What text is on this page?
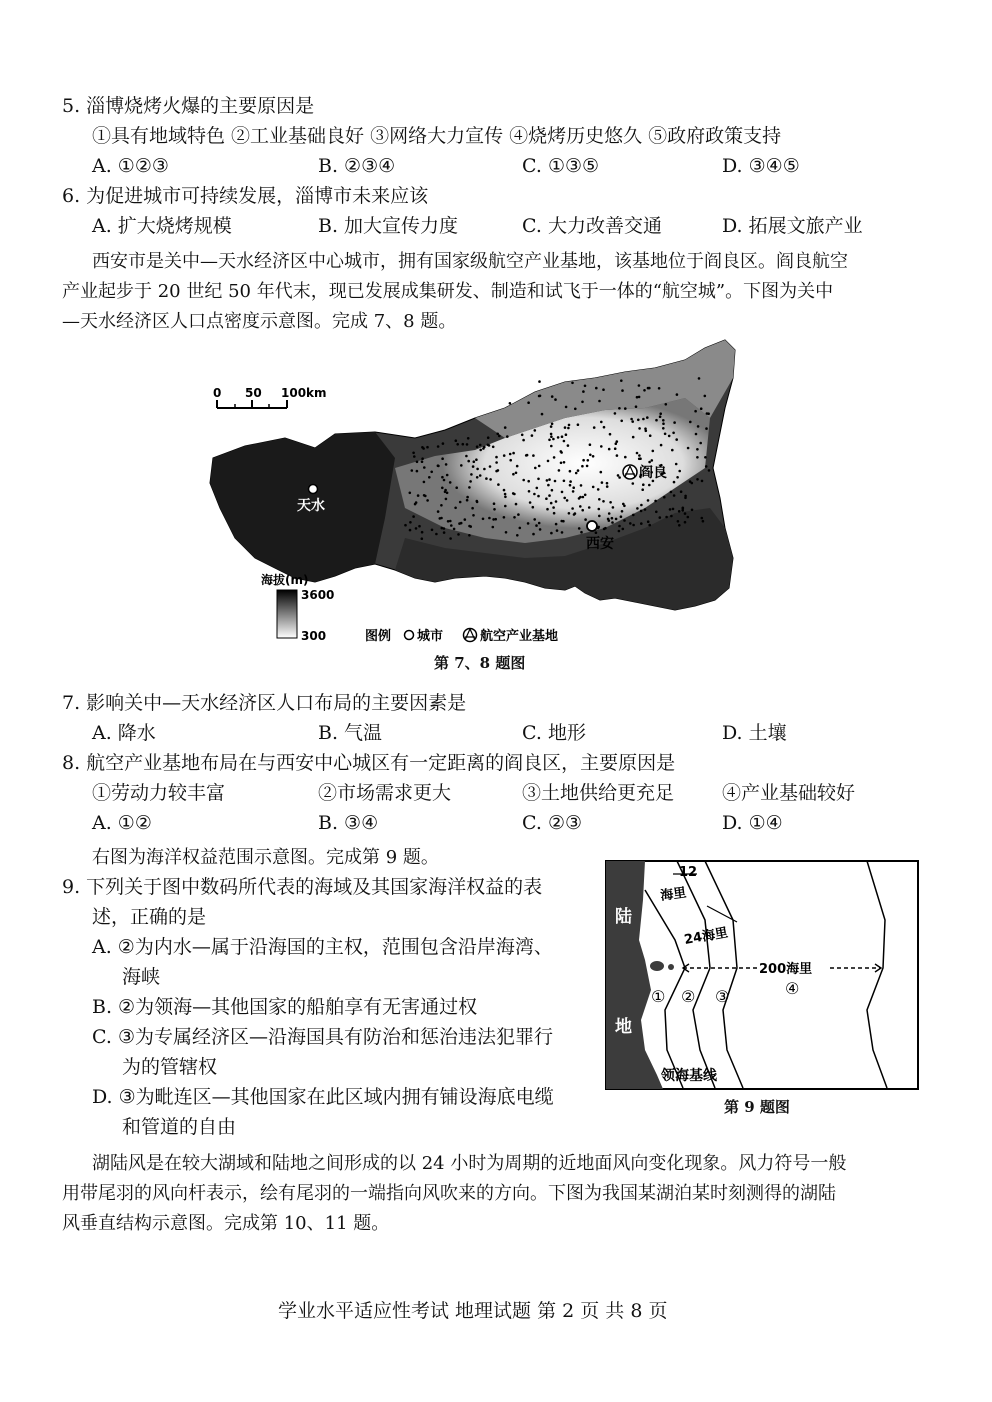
5. 淄博烧烤火爆的主要原因是
①具有地域特色 ②工业基础良好 ③网络大力宣传 ④烧烤历史悠久 ⑤政府政策支持
A. ①②③	B. ②③④	C. ①③⑤	D. ③④⑤
6. 为促进城市可持续发展，淄博市未来应该
A. 扩大烧烤规模	B. 加大宣传力度	C. 大力改善交通	D. 拓展文旅产业
西安市是关中—天水经济区中心城市，拥有国家级航空产业基地，该基地位于阎良区。阎良航空
产业起步于 20 世纪 50 年代末，现已发展成集研发、制造和试飞于一体的“航空城”。下图为关中
—天水经济区人口点密度示意图。完成 7、8 题。
0 50 100km
天水
西安
阎良
海拔(m)
3600
300	图例 城市	航空产业基地
第 7、8 题图
7. 影响关中—天水经济区人口布局的主要因素是
A. 降水	B. 气温	C. 地形	D. 土壤
8. 航空产业基地布局在与西安中心城区有一定距离的阎良区，主要原因是
①劳动力较丰富	②市场需求更大	③土地供给更充足	④产业基础较好
A. ①②	B. ③④	C. ②③	D. ①④
右图为海洋权益范围示意图。完成第 9 题。
9. 下列关于图中数码所代表的海域及其国家海洋权益的表
述，正确的是
A. ②为内水—属于沿海国的主权，范围包含沿岸海湾、
海峡
B. ②为领海—其他国家的船舶享有无害通过权
C. ③为专属经济区—沿海国具有防治和惩治违法犯罪行
为的管辖权
D. ③为毗连区—其他国家在此区域内拥有铺设海底电缆
和管道的自由
陆
地
12
海里
24海里
200海里
① ② ③	④
领海基线
第 9 题图
湖陆风是在较大湖域和陆地之间形成的以 24 小时为周期的近地面风向变化现象。风力符号一般
用带尾羽的风向杆表示，绘有尾羽的一端指向风吹来的方向。下图为我国某湖泊某时刻测得的湖陆
风垂直结构示意图。完成第 10、11 题。
学业水平适应性考试 地理试题 第 2 页 共 8 页
